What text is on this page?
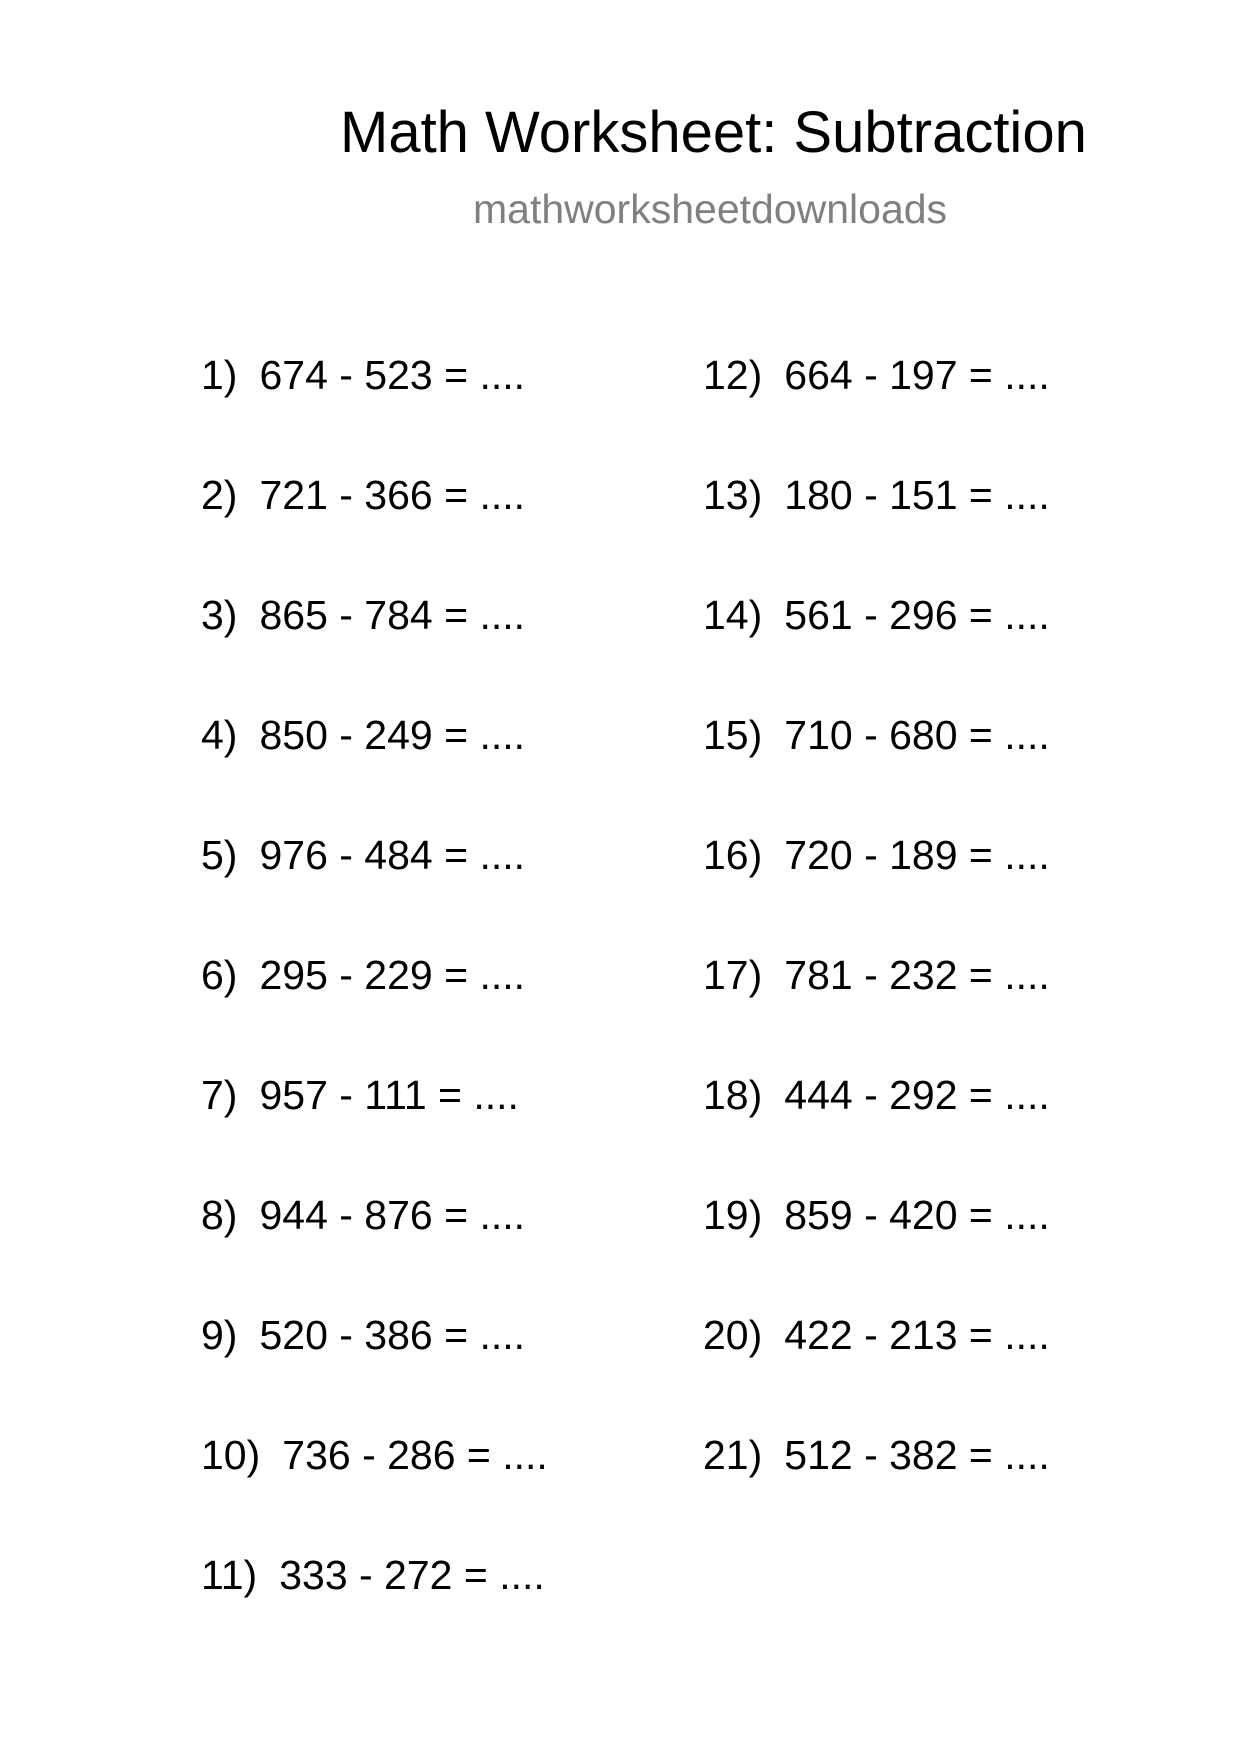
Math Worksheet: Subtraction
mathworksheetdownloads
1) 674 - 523 = ....
2) 721 - 366 = ....
3) 865 - 784 = ....
4) 850 - 249 = ....
5) 976 - 484 = ....
6) 295 - 229 = ....
7) 957 - 111 = ....
8) 944 - 876 = ....
9) 520 - 386 = ....
10) 736 - 286 = ....
11) 333 - 272 = ....
12) 664 - 197 = ....
13) 180 - 151 = ....
14) 561 - 296 = ....
15) 710 - 680 = ....
16) 720 - 189 = ....
17) 781 - 232 = ....
18) 444 - 292 = ....
19) 859 - 420 = ....
20) 422 - 213 = ....
21) 512 - 382 = ....
